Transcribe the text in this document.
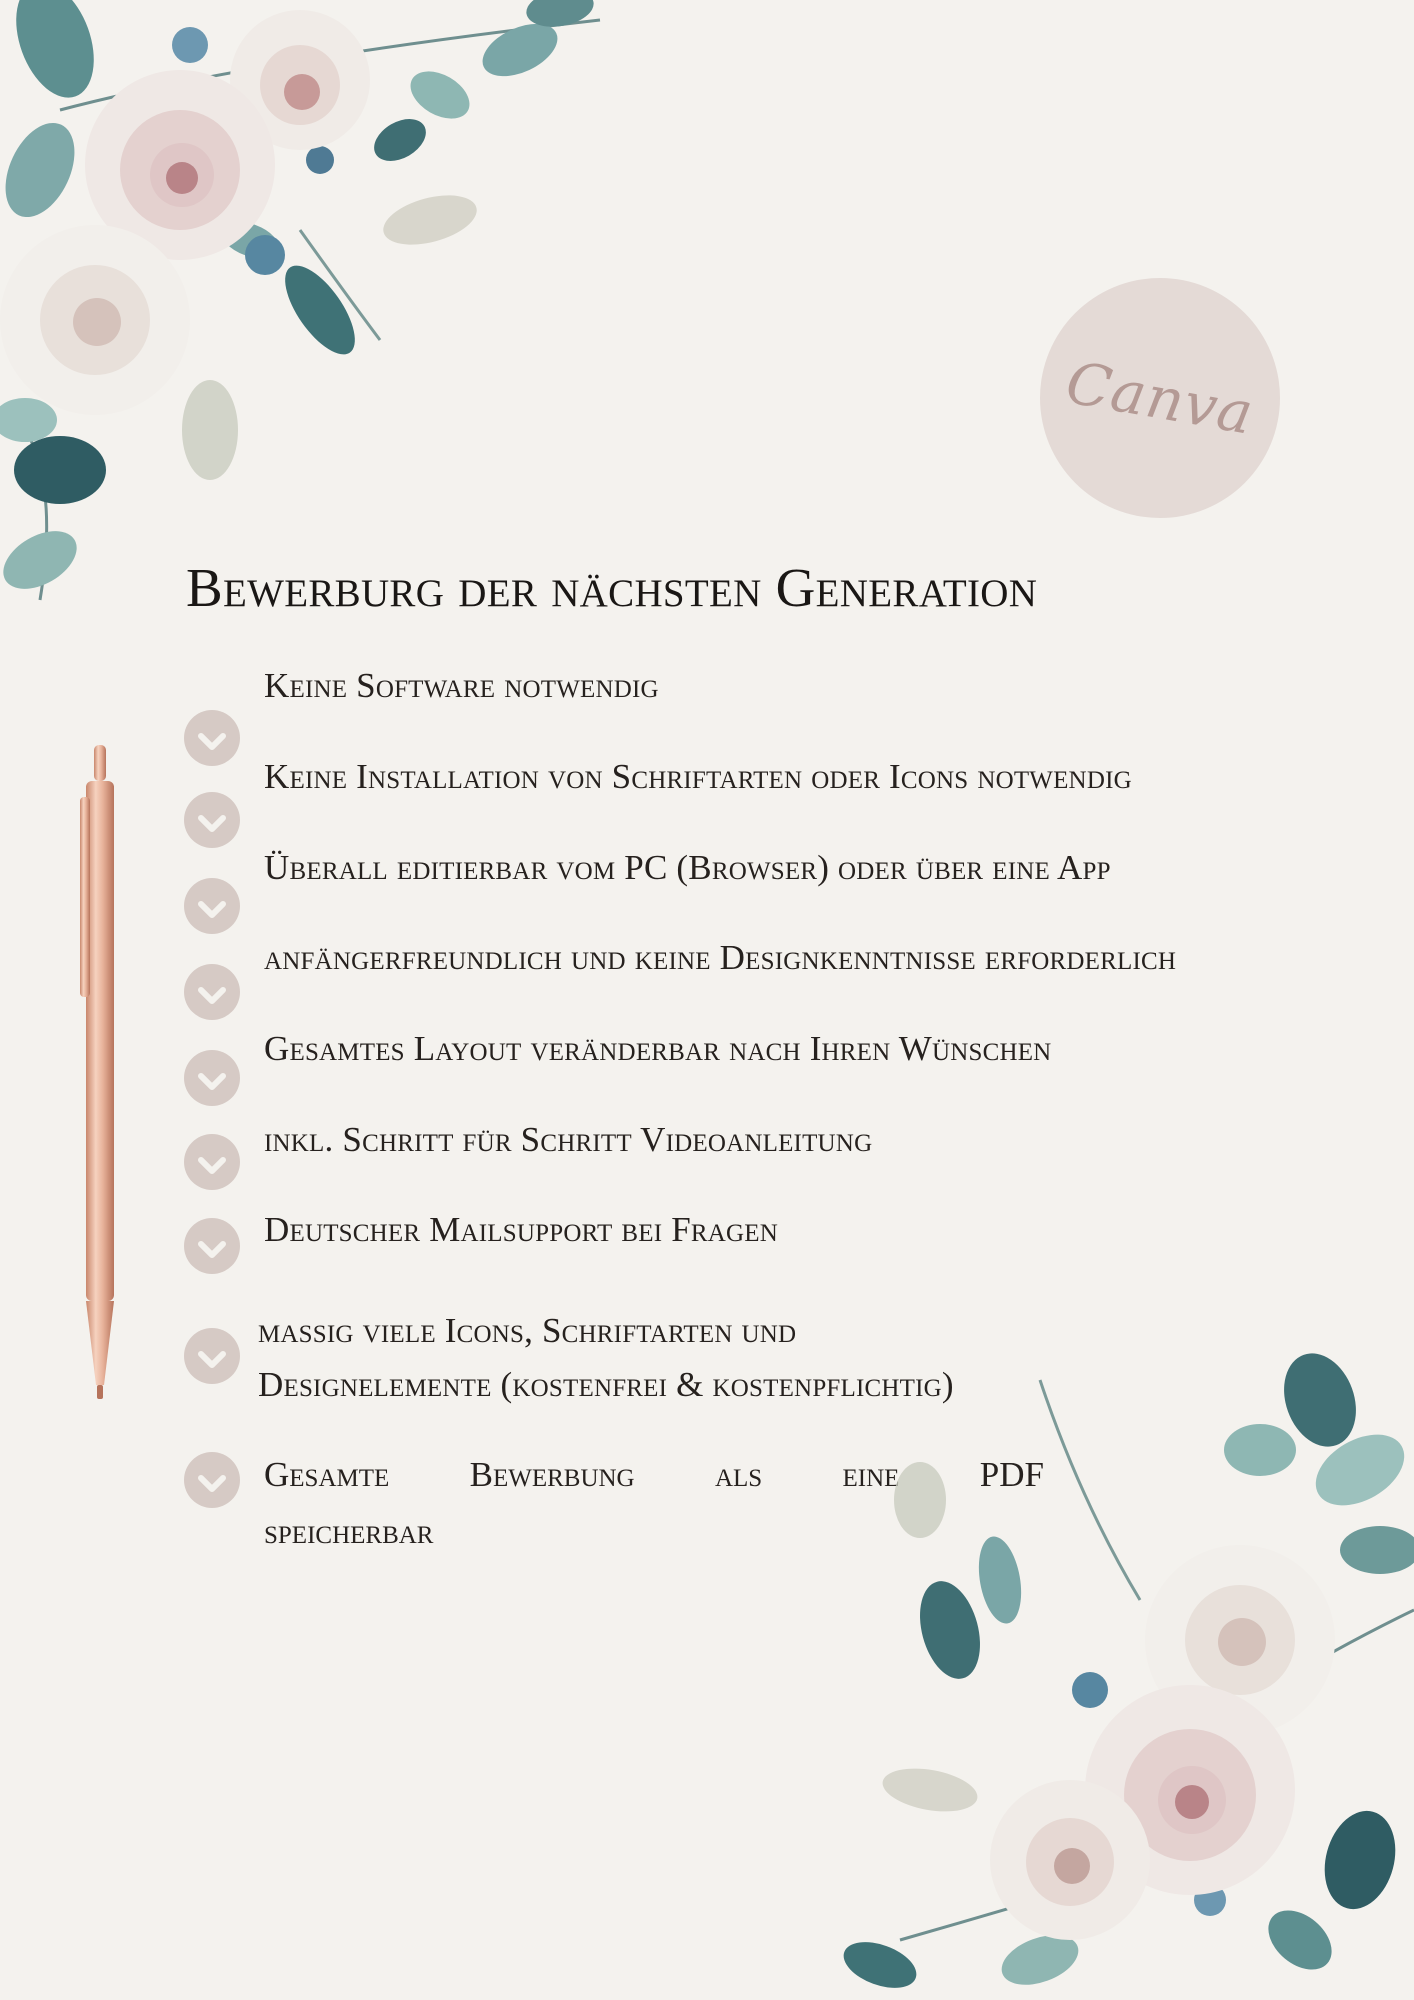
Canva
Bewerburg der nächsten Generation
Keine Software notwendig
Keine Installation von Schriftarten oder Icons notwendig
Überall editierbar vom PC (Browser) oder über eine App
anfängerfreundlich und keine Designkenntnisse erforderlich
Gesamtes Layout veränderbar nach Ihren Wünschen
inkl. Schritt für Schritt Videoanleitung
Deutscher Mailsupport bei Fragen
massig viele Icons, Schriftarten und
Designelemente (kostenfrei & kostenpflichtig)
Gesamte Bewerbung als eine PDF
speicherbar
